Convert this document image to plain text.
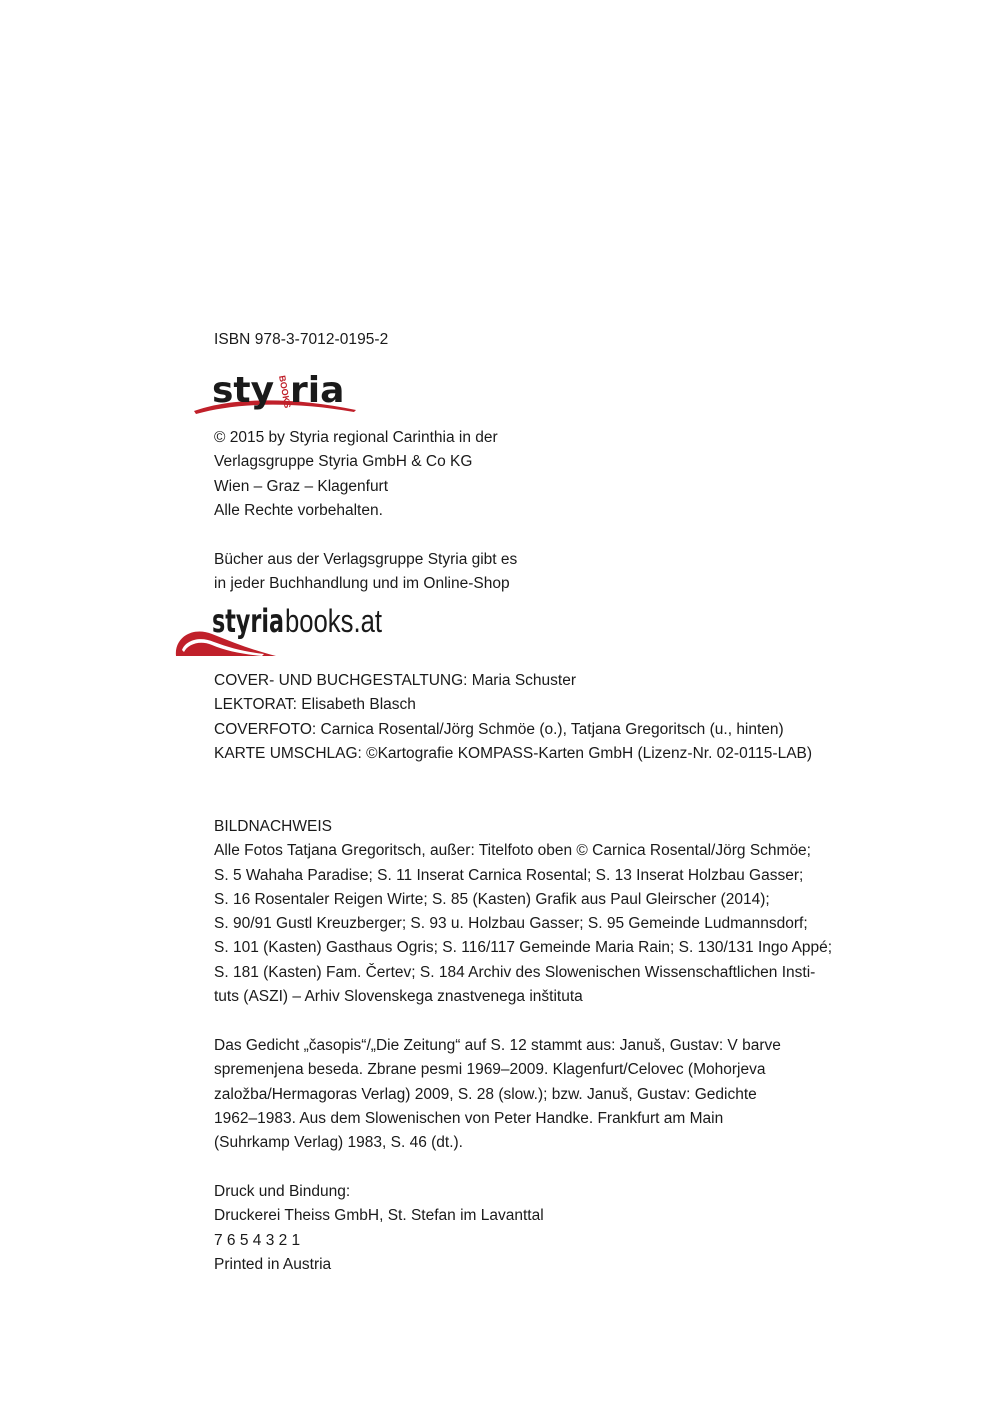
ISBN 978-3-7012-0195-2
sty BOOKS
ria
© 2015 by Styria regional Carinthia in der
Verlagsgruppe Styria GmbH & Co KG
Wien – Graz – Klagenfurt
Alle Rechte vorbehalten.
Bücher aus der Verlagsgruppe Styria gibt es
in jeder Buchhandlung und im Online-Shop
styria books.at
COVER- UND BUCHGESTALTUNG: Maria Schuster
LEKTORAT: Elisabeth Blasch
COVERFOTO: Carnica Rosental/Jörg Schmöe (o.), Tatjana Gregoritsch (u., hinten)
KARTE UMSCHLAG: ©Kartografie KOMPASS-Karten GmbH (Lizenz-Nr. 02-0115-LAB)
BILDNACHWEIS
Alle Fotos Tatjana Gregoritsch, außer: Titelfoto oben © Carnica Rosental/Jörg Schmöe;
S. 5 Wahaha Paradise; S. 11 Inserat Carnica Rosental; S. 13 Inserat Holzbau Gasser;
S. 16 Rosentaler Reigen Wirte; S. 85 (Kasten) Grafik aus Paul Gleirscher (2014);
S. 90/91 Gustl Kreuzberger; S. 93 u. Holzbau Gasser; S. 95 Gemeinde Ludmannsdorf;
S. 101 (Kasten) Gasthaus Ogris; S. 116/117 Gemeinde Maria Rain; S. 130/131 Ingo Appé;
S. 181 (Kasten) Fam. Čertev; S. 184 Archiv des Slowenischen Wissenschaftlichen Insti-
tuts (ASZI) – Arhiv Slovenskega znastvenega inštituta
Das Gedicht „časopis“/„Die Zeitung“ auf S. 12 stammt aus: Januš, Gustav: V barve
spremenjena beseda. Zbrane pesmi 1969–2009. Klagenfurt/Celovec (Mohorjeva
založba/Hermagoras Verlag) 2009, S. 28 (slow.); bzw. Januš, Gustav: Gedichte
1962–1983. Aus dem Slowenischen von Peter Handke. Frankfurt am Main
(Suhrkamp Verlag) 1983, S. 46 (dt.).
Druck und Bindung:
Druckerei Theiss GmbH, St. Stefan im Lavanttal
7 6 5 4 3 2 1
Printed in Austria
